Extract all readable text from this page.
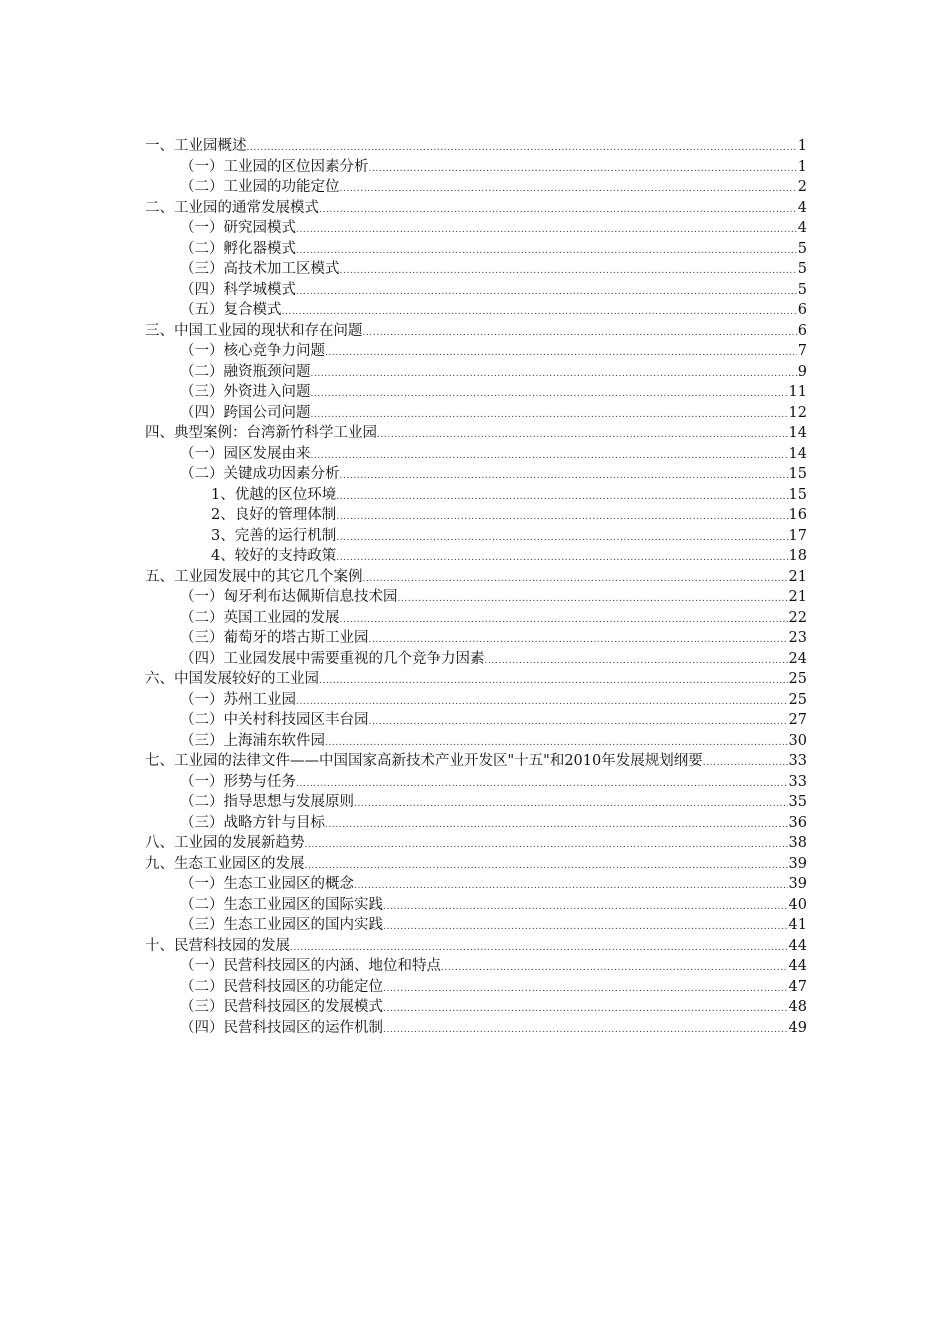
一、工业园概述 .....	1
（一）工业园的区位因素分析 .....	1
（二）工业园的功能定位 .....	2
二、工业园的通常发展模式 .....	4
（一）研究园模式 .....	4
（二）孵化器模式 .....	5
（三）高技术加工区模式 .....	5
（四）科学城模式 .....	5
（五）复合模式 .....	6
三、中国工业园的现状和存在问题 .....	6
（一）核心竞争力问题 .....	7
（二）融资瓶颈问题 .....	9
（三）外资进入问题 .....	11
（四）跨国公司问题 .....	12
四、典型案例：台湾新竹科学工业园 .....	14
（一）园区发展由来 .....	14
（二）关键成功因素分析 .....	15
1、优越的区位环境 .....	15
2、良好的管理体制 .....	16
3、完善的运行机制 .....	17
4、较好的支持政策 .....	18
五、工业园发展中的其它几个案例 .....	21
（一）匈牙利布达佩斯信息技术园 .....	21
（二）英国工业园的发展 .....	22
（三）葡萄牙的塔古斯工业园 .....	23
（四）工业园发展中需要重视的几个竞争力因素 .....	24
六、中国发展较好的工业园 .....	25
（一）苏州工业园 .....	25
（二）中关村科技园区丰台园 .....	27
（三）上海浦东软件园 .....	30
七、工业园的法律文件——中国国家高新技术产业开发区"十五"和2010年发展规划纲要 .....	33
（一）形势与任务 .....	33
（二）指导思想与发展原则 .....	35
（三）战略方针与目标 .....	36
八、工业园的发展新趋势 .....	38
九、生态工业园区的发展 .....	39
（一）生态工业园区的概念 .....	39
（二）生态工业园区的国际实践 .....	40
（三）生态工业园区的国内实践 .....	41
十、民营科技园的发展 .....	44
（一）民营科技园区的内涵、地位和特点 .....	44
（二）民营科技园区的功能定位 .....	47
（三）民营科技园区的发展模式 .....	48
（四）民营科技园区的运作机制 .....	49
